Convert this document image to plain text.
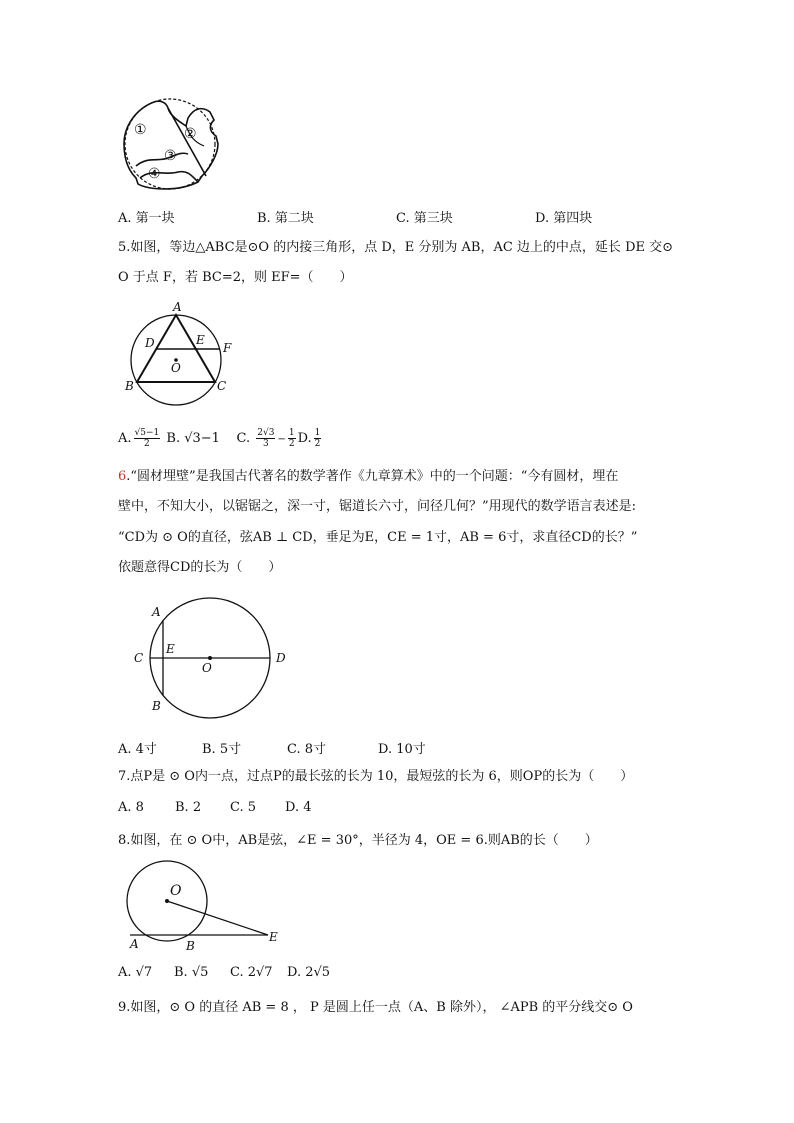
①	②
③
④
A. 第一块	B. 第二块	C. 第三块	D. 第四块
5.如图，等边△ABC是⊙O 的内接三角形，点 D，E 分别为 AB，AC 边上的中点，延长 DE 交⊙
O 于点 F，若 BC=2，则 EF=（　　）
A
D	E
F
O
B	C
A. $\frac{√5-1}{2} B$. √3−1 C. $\frac{2√3}{3} - \frac{1}{2} D$. $\frac{1}{2}$
6.“圆材埋壁”是我国古代著名的数学著作《九章算术》中的一个问题：“今有圆材，埋在
壁中，不知大小，以锯锯之，深一寸，锯道长六寸，问径几何？”用现代的数学语言表述是:
“CD为 ⊙ O的直径，弦AB ⊥ CD，垂足为E，CE = 1寸，AB = 6寸，求直径CD的长？”
依题意得CD的长为（　　）
A
C
E
O
D
B
A. 4寸	B. 5寸	C. 8寸	D. 10寸
7.点P是 ⊙ O内一点，过点P的最长弦的长为 10，最短弦的长为 6，则OP的长为（　　）
A. 8 B. 2 C. 5 D. 4
8.如图，在 ⊙ O中，AB是弦，∠E = 30°，半径为 4，OE = 6.则AB的长（　　）
O
A	B
E
A. √7 B. √5 C. 2√7 D. 2√5
9.如图，⊙ O 的直径 AB = 8 ， P 是圆上任一点（A、B 除外）， ∠APB 的平分线交⊙ O
